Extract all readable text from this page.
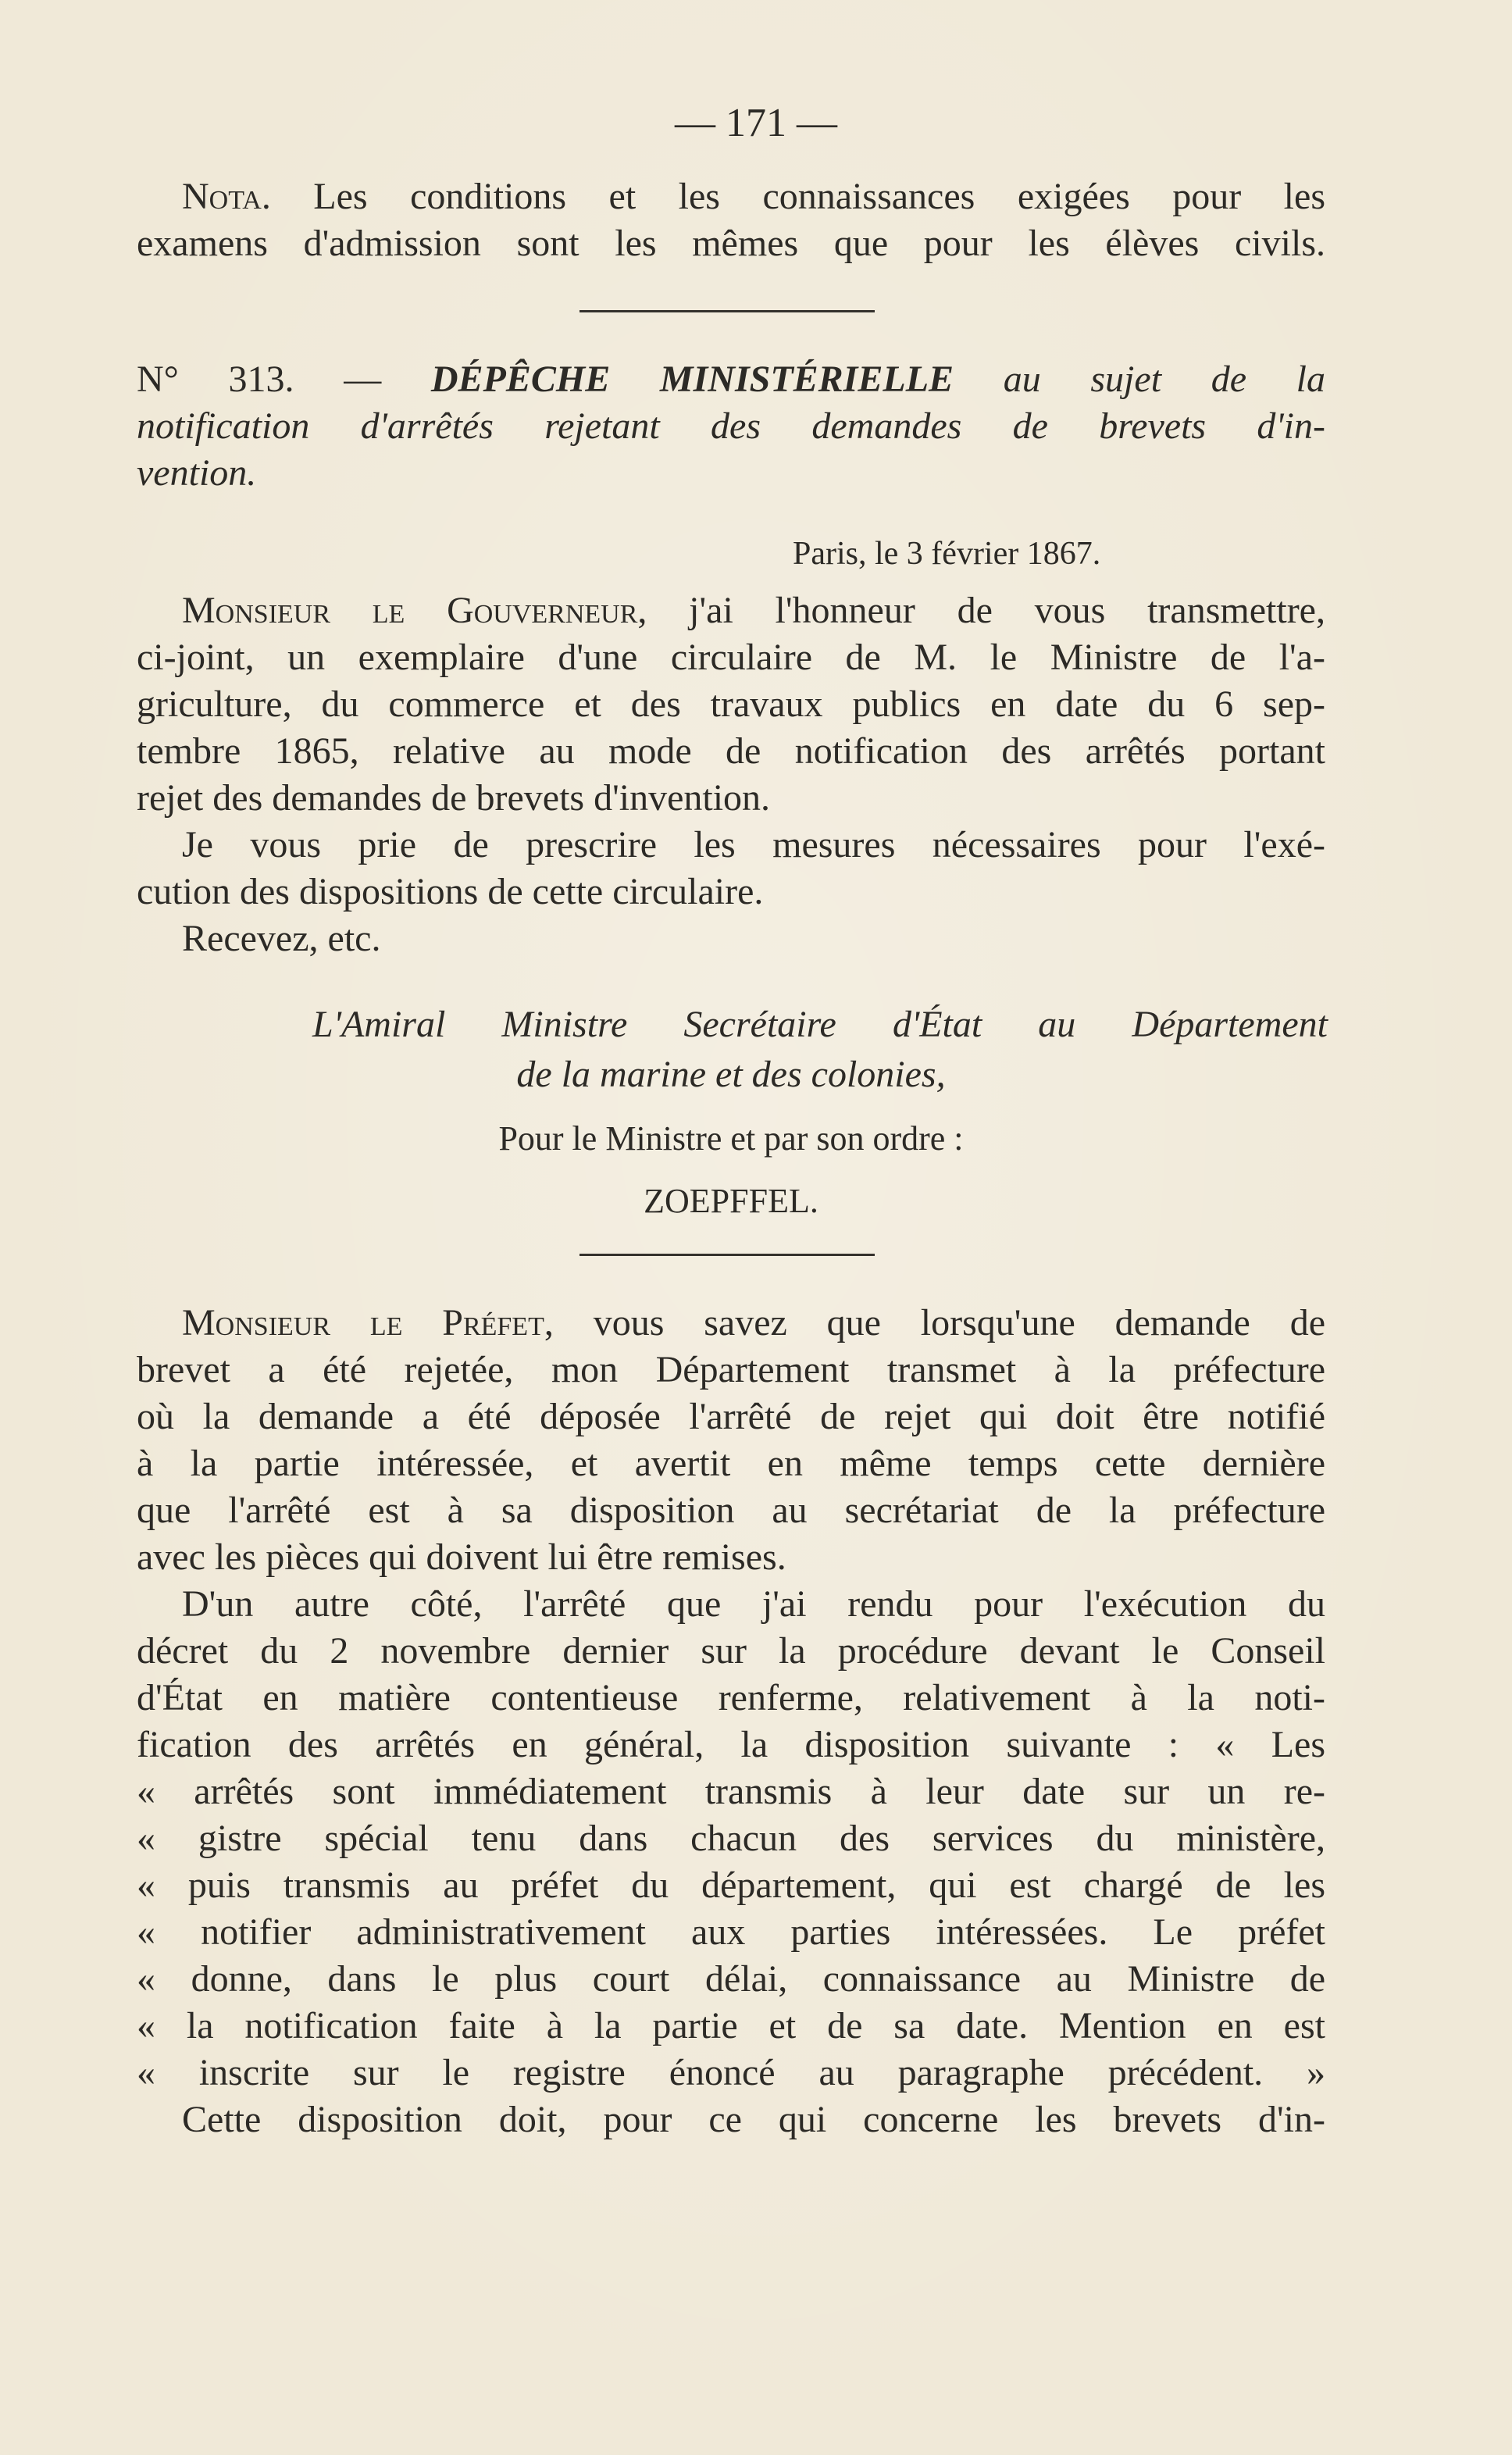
— 171 —
Nota. Les conditions et les connaissances exigées pour les
examens d'admission sont les mêmes que pour les élèves civils.
N° 313. — DÉPÊCHE MINISTÉRIELLE au sujet de la
notification d'arrêtés rejetant des demandes de brevets d'in-
vention.
Paris, le 3 février 1867.
Monsieur le Gouverneur, j'ai l'honneur de vous transmettre,
ci-joint, un exemplaire d'une circulaire de M. le Ministre de l'a-
griculture, du commerce et des travaux publics en date du 6 sep-
tembre 1865, relative au mode de notification des arrêtés portant
rejet des demandes de brevets d'invention.
Je vous prie de prescrire les mesures nécessaires pour l'exé-
cution des dispositions de cette circulaire.
Recevez, etc.
L'Amiral Ministre Secrétaire d'État au Département
de la marine et des colonies,
Pour le Ministre et par son ordre :
ZOEPFFEL.
Monsieur le Préfet, vous savez que lorsqu'une demande de
brevet a été rejetée, mon Département transmet à la préfecture
où la demande a été déposée l'arrêté de rejet qui doit être notifié
à la partie intéressée, et avertit en même temps cette dernière
que l'arrêté est à sa disposition au secrétariat de la préfecture
avec les pièces qui doivent lui être remises.
D'un autre côté, l'arrêté que j'ai rendu pour l'exécution du
décret du 2 novembre dernier sur la procédure devant le Conseil
d'État en matière contentieuse renferme, relativement à la noti-
fication des arrêtés en général, la disposition suivante : « Les
« arrêtés sont immédiatement transmis à leur date sur un re-
« gistre spécial tenu dans chacun des services du ministère,
« puis transmis au préfet du département, qui est chargé de les
« notifier administrativement aux parties intéressées. Le préfet
« donne, dans le plus court délai, connaissance au Ministre de
« la notification faite à la partie et de sa date. Mention en est
« inscrite sur le registre énoncé au paragraphe précédent. »
Cette disposition doit, pour ce qui concerne les brevets d'in-
